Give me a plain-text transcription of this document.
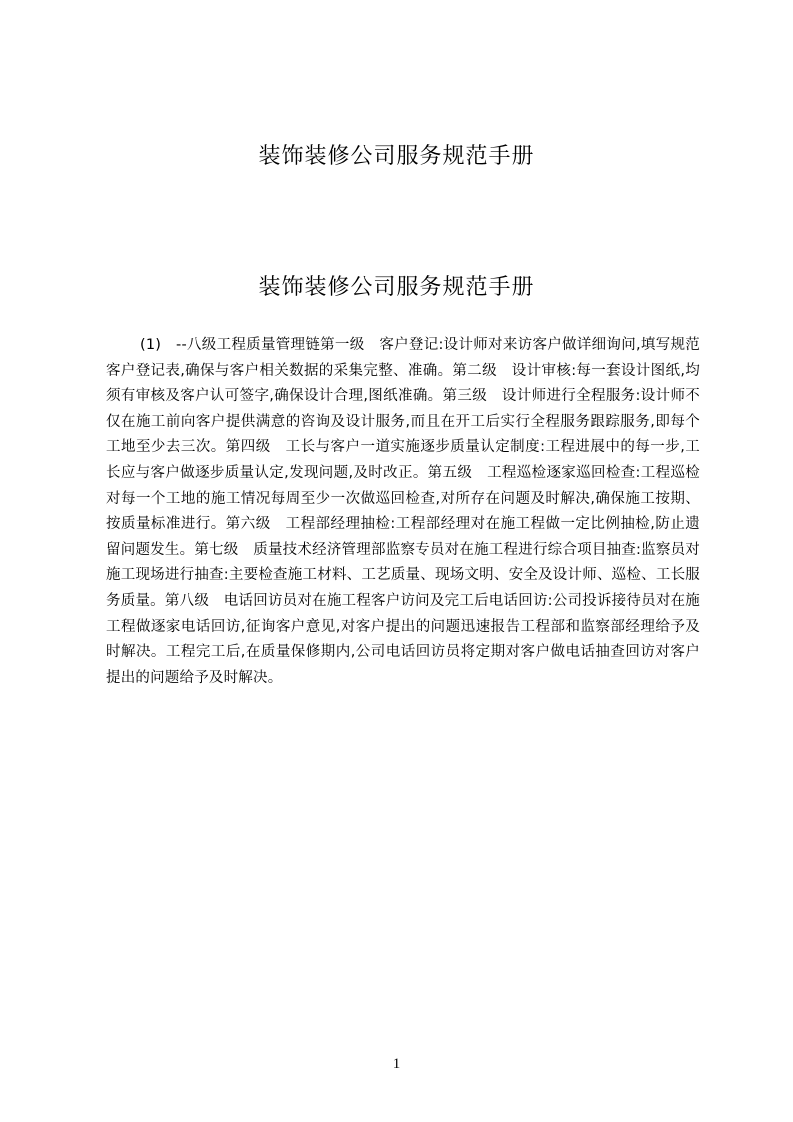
装饰装修公司服务规范手册
装饰装修公司服务规范手册

(1)　--八级工程质量管理链第一级　客户登记:设计师对来访客户做详细询问,填写规范客户登记表,确保与客户相关数据的采集完整、准确。第二级　设计审核:每一套设计图纸,均须有审核及客户认可签字,确保设计合理,图纸准确。第三级　设计师进行全程服务:设计师不仅在施工前向客户提供满意的咨询及设计服务,而且在开工后实行全程服务跟踪服务,即每个工地至少去三次。第四级　工长与客户一道实施逐步质量认定制度:工程进展中的每一步,工长应与客户做逐步质量认定,发现问题,及时改正。第五级　工程巡检逐家巡回检查:工程巡检对每一个工地的施工情况每周至少一次做巡回检查,对所存在问题及时解决,确保施工按期、按质量标准进行。第六级　工程部经理抽检:工程部经理对在施工程做一定比例抽检,防止遗留问题发生。第七级　质量技术经济管理部监察专员对在施工程进行综合项目抽查:监察员对施工现场进行抽查:主要检查施工材料、工艺质量、现场文明、安全及设计师、巡检、工长服务质量。第八级　电话回访员对在施工程客户访问及完工后电话回访:公司投诉接待员对在施工程做逐家电话回访,征询客户意见,对客户提出的问题迅速报告工程部和监察部经理给予及时解决。工程完工后,在质量保修期内,公司电话回访员将定期对客户做电话抽查回访对客户提出的问题给予及时解决。

1
